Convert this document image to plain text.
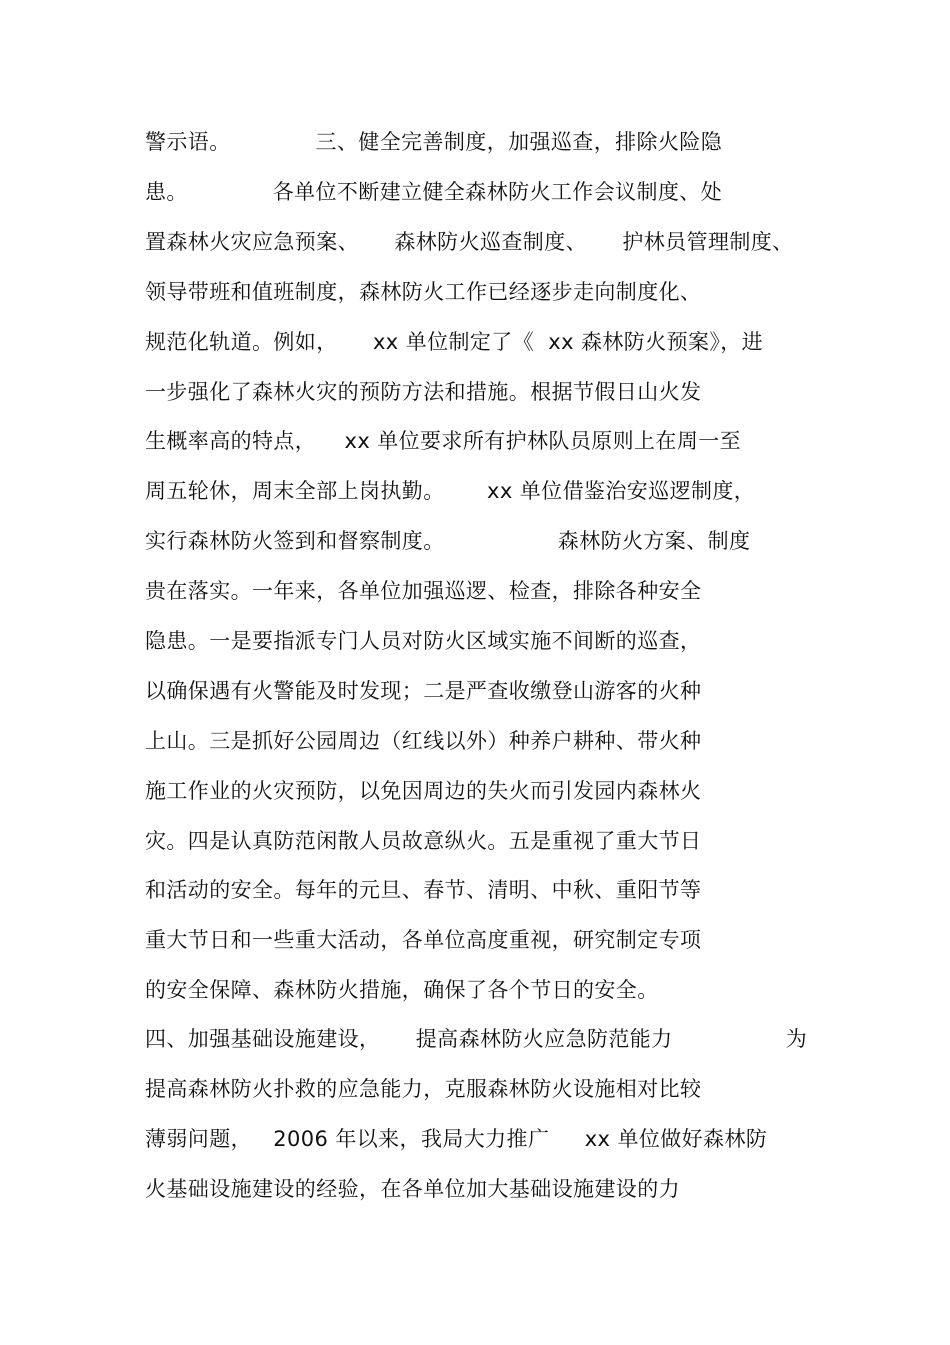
警示语。            三、健全完善制度，加强巡查，排除火险隐
患。            各单位不断建立健全森林防火工作会议制度、处
置森林火灾应急预案、     森林防火巡查制度、     护林员管理制度、
领导带班和值班制度，森林防火工作已经逐步走向制度化、
规范化轨道。例如，     xx 单位制定了《  xx 森林防火预案》，进
一步强化了森林火灾的预防方法和措施。根据节假日山火发
生概率高的特点，    xx 单位要求所有护林队员原则上在周一至
周五轮休，周末全部上岗执勤。      xx 单位借鉴治安巡逻制度，
实行森林防火签到和督察制度。                森林防火方案、制度
贵在落实。一年来，各单位加强巡逻、检查，排除各种安全
隐患。一是要指派专门人员对防火区域实施不间断的巡查，
以确保遇有火警能及时发现；二是严查收缴登山游客的火种
上山。三是抓好公园周边（红线以外）种养户耕种、带火种
施工作业的火灾预防，以免因周边的失火而引发园内森林火
灾。四是认真防范闲散人员故意纵火。五是重视了重大节日
和活动的安全。每年的元旦、春节、清明、中秋、重阳节等
重大节日和一些重大活动，各单位高度重视，研究制定专项
的安全保障、森林防火措施，确保了各个节日的安全。
四、加强基础设施建设，     提高森林防火应急防范能力                为
提高森林防火扑救的应急能力，克服森林防火设施相对比较
薄弱问题，   2006 年以来，我局大力推广     xx 单位做好森林防
火基础设施建设的经验，在各单位加大基础设施建设的力
